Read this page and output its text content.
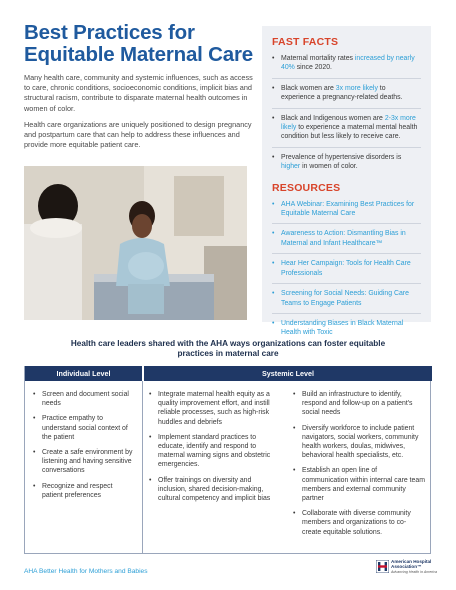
Best Practices for Equitable Maternal Care

Many health care, community and systemic influences, such as access to care, chronic conditions, socioeconomic conditions, implicit bias and structural racism, contribute to disparate maternal health outcomes in women of color.

Health care organizations are uniquely positioned to design pregnancy and postpartum care that can help to address these influences and provide more equitable patient care.

FAST FACTS
• Maternal mortality rates increased by nearly 40% since 2020.
• Black women are 3x more likely to experience a pregnancy-related deaths.
• Black and Indigenous women are 2-3x more likely to experience a maternal mental health condition but less likely to receive care.
• Prevalence of hypertensive disorders is higher in women of color.
RESOURCES
• AHA Webinar: Examining Best Practices for Equitable Maternal Care
• Awareness to Action: Dismantling Bias in Maternal and Infant Healthcare™
• Hear Her Campaign: Tools for Health Care Professionals
• Screening for Social Needs: Guiding Care Teams to Engage Patients
• Understanding Biases in Black Maternal Health with Toxic
Health care leaders shared with the AHA ways organizations can foster equitable practices in maternal care
Individual Level	Systemic Level
• Screen and document social needs
• Practice empathy to understand social context of the patient
• Create a safe environment by listening and having sensitive conversations
• Recognize and respect patient preferences
• Integrate maternal health equity as a quality improvement effort, and instill reliable processes, such as high-risk huddles and debriefs
• Implement standard practices to educate, identify and respond to maternal warning signs and obstetric emergencies.
• Offer trainings on diversity and inclusion, shared decision-making, cultural competency and implicit bias
• Build an infrastructure to identify, respond and follow-up on a patient's social needs
• Diversify workforce to include patient navigators, social workers, community health workers, doulas, midwives, behavioral health specialists, etc.
• Establish an open line of communication within internal care team members and external community partner
• Collaborate with diverse community members and organizations to co-create equitable solutions.
AHA Better Health for Mothers and Babies
American Hospital Association™
Advancing Health in America
